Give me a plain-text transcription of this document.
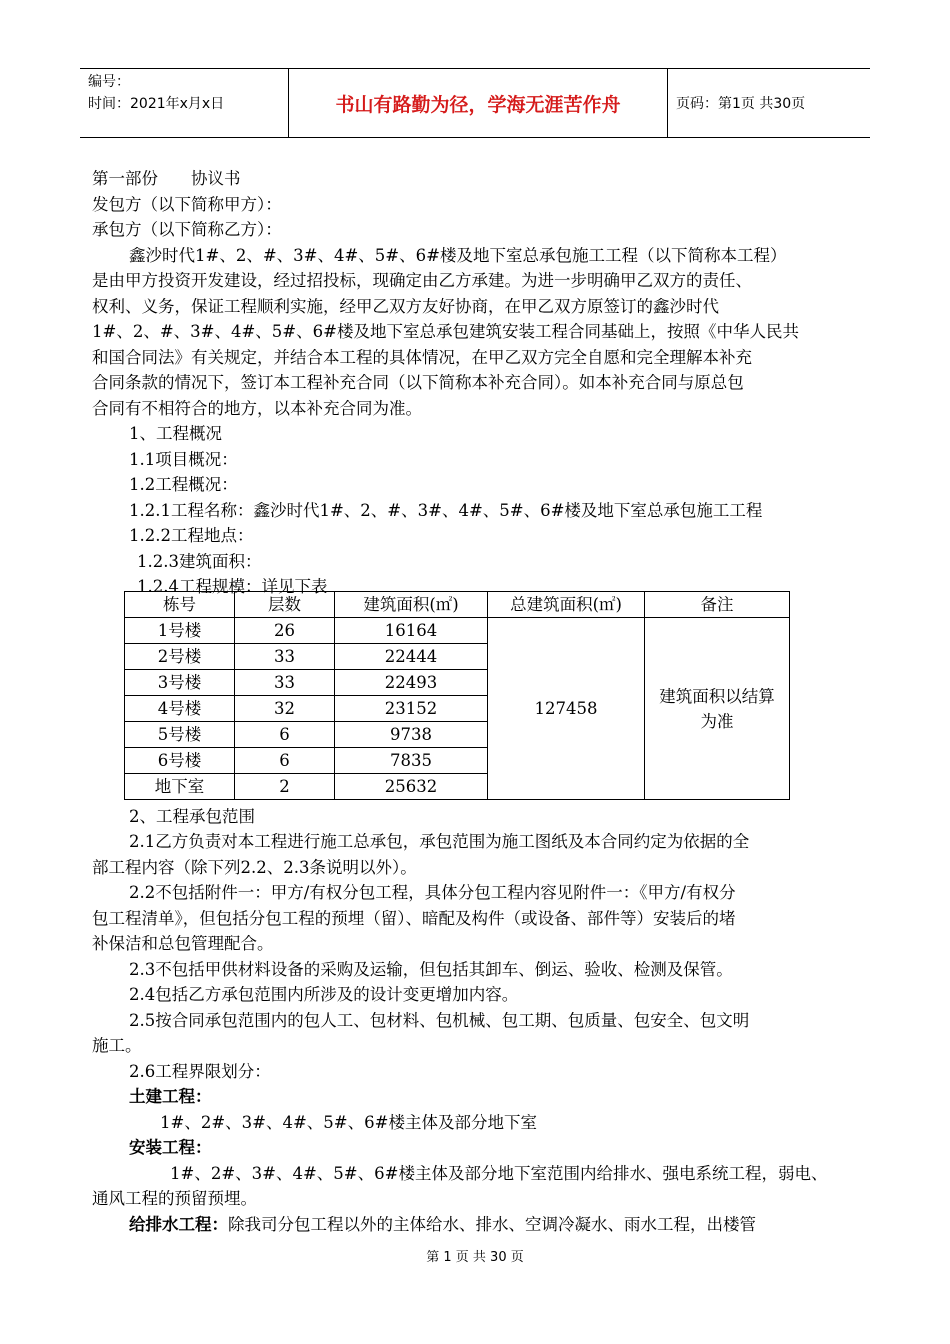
编号：
时间：2021年x月x日	书山有路勤为径，学海无涯苦作舟	页码：第1页 共30页

第一部份　　协议书

发包方（以下简称甲方）：

承包方（以下简称乙方）：

鑫沙时代1#、2、#、3#、4#、5#、6#楼及地下室总承包施工工程（以下简称本工程）

是由甲方投资开发建设，经过招投标，现确定由乙方承建。为进一步明确甲乙双方的责任、

权利、义务，保证工程顺利实施，经甲乙双方友好协商，在甲乙双方原签订的鑫沙时代

1#、2、#、3#、4#、5#、6#楼及地下室总承包建筑安装工程合同基础上，按照《中华人民共

和国合同法》有关规定，并结合本工程的具体情况，在甲乙双方完全自愿和完全理解本补充

合同条款的情况下，签订本工程补充合同（以下简称本补充合同）。如本补充合同与原总包

合同有不相符合的地方，以本补充合同为准。

1、工程概况

1.1项目概况：

1.2工程概况：

1.2.1工程名称：鑫沙时代1#、2、#、3#、4#、5#、6#楼及地下室总承包施工工程

1.2.2工程地点：

1.2.3建筑面积：

1.2.4工程规模：详见下表

2、工程承包范围

2.1乙方负责对本工程进行施工总承包，承包范围为施工图纸及本合同约定为依据的全

部工程内容（除下列2.2、2.3条说明以外）。

2.2不包括附件一：甲方/有权分包工程，具体分包工程内容见附件一：《甲方/有权分

包工程清单》，但包括分包工程的预埋（留）、暗配及构件（或设备、部件等）安装后的堵

补保洁和总包管理配合。

2.3不包括甲供材料设备的采购及运输，但包括其卸车、倒运、验收、检测及保管。

2.4包括乙方承包范围内所涉及的设计变更增加内容。

2.5按合同承包范围内的包人工、包材料、包机械、包工期、包质量、包安全、包文明

施工。

2.6工程界限划分：

土建工程：

1#、2#、3#、4#、5#、6#楼主体及部分地下室

安装工程：

1#、2#、3#、4#、5#、6#楼主体及部分地下室范围内给排水、强电系统工程，弱电、

通风工程的预留预埋。

给排水工程：除我司分包工程以外的主体给水、排水、空调冷凝水、雨水工程，出楼管

栋号	层数	建筑面积(㎡)	总建筑面积(㎡)	备注
1号楼	26	16164	127458	建筑面积以结算为准
2号楼	33	22444		
3号楼	33	22493		
4号楼	32	23152		
5号楼	6	9738		
6号楼	6	7835		
地下室	2	25632		
第 1 页 共 30 页
